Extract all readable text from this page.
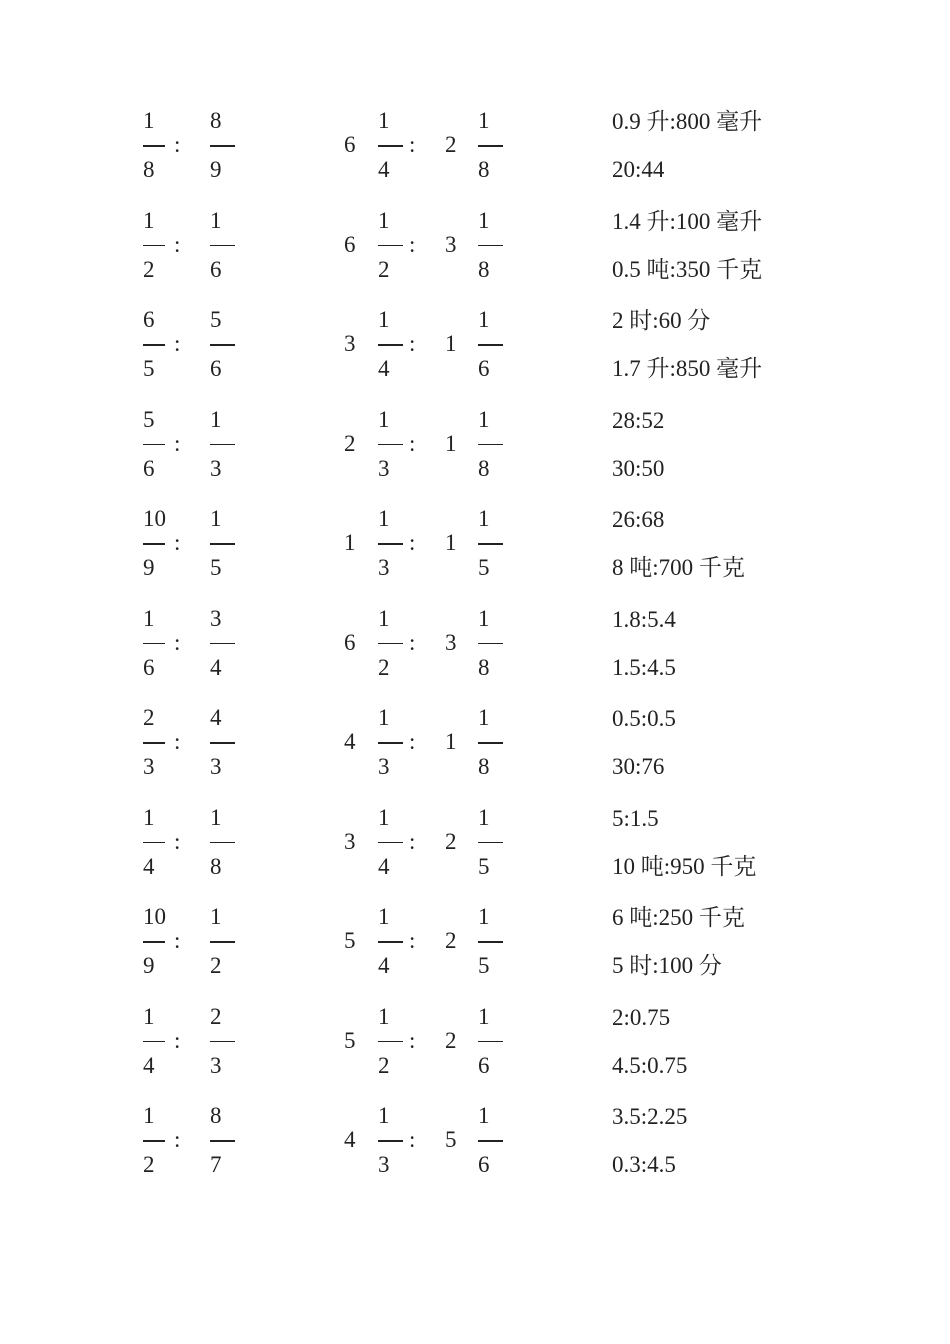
1
8
:
8
9
6
1
4
: 2
1
8
0.9 升:800 毫升
20:44
1
2
:
1
6
6
1
2
: 3
1
8
1.4 升:100 毫升
0.5 吨:350 千克
6
5
:
5
6
3
1
4
: 1
1
6
2 时:60 分
1.7 升:850 毫升
5
6
:
1
3
2
1
3
: 1
1
8
28:52
30:50
10
9
:
1
5
1
1
3
: 1
1
5
26:68
8 吨:700 千克
1
6
:
3
4
6
1
2
: 3
1
8
1.8:5.4
1.5:4.5
2
3
:
4
3
4
1
3
: 1
1
8
0.5:0.5
30:76
1
4
:
1
8
3
1
4
: 2
1
5
5:1.5
10 吨:950 千克
10
9
:
1
2
5
1
4
: 2
1
5
6 吨:250 千克
5 时:100 分
1
4
:
2
3
5
1
2
: 2
1
6
2:0.75
4.5:0.75
1
2
:
8
7
4
1
3
: 5
1
6
3.5:2.25
0.3:4.5
